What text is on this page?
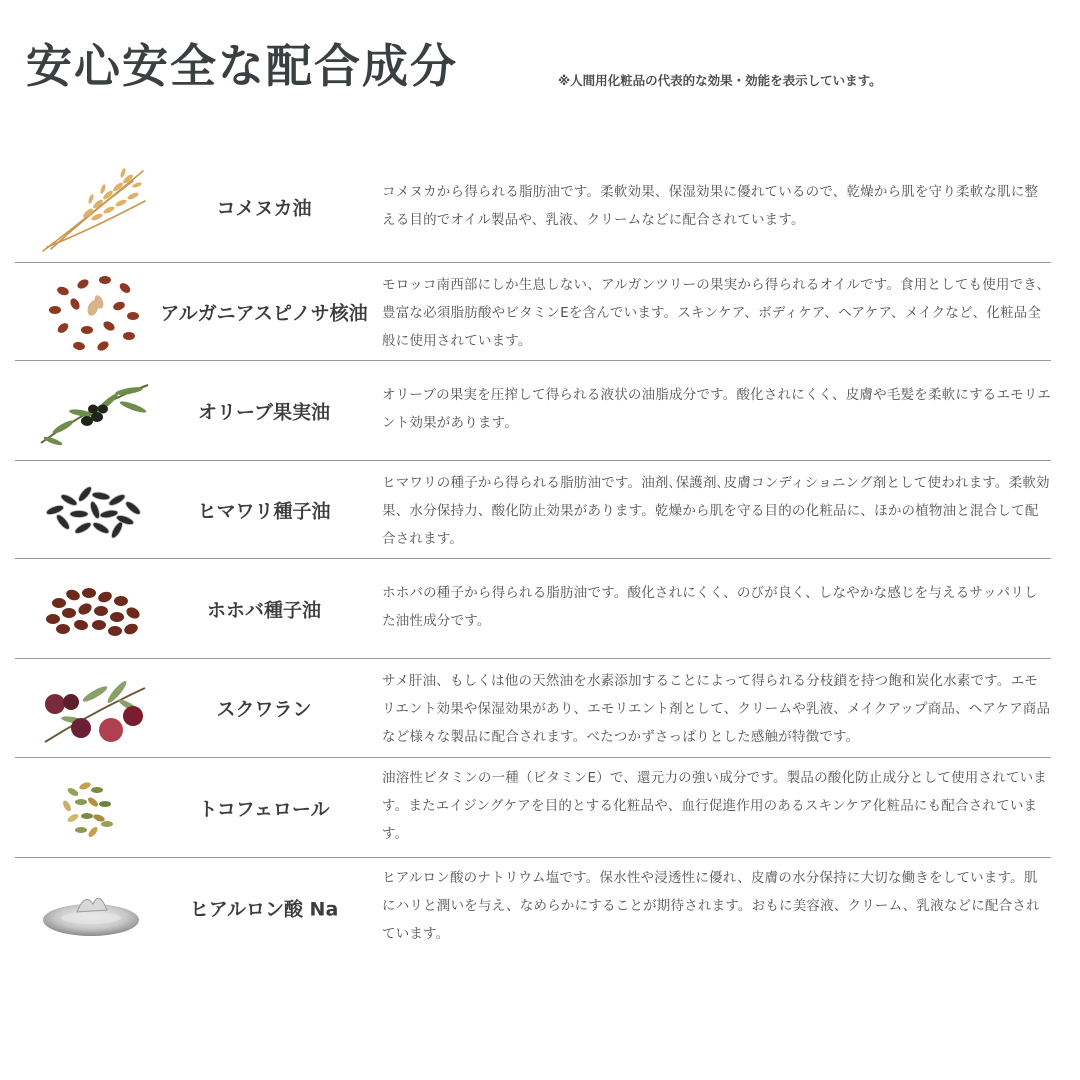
安心安全な配合成分	※人間用化粧品の代表的な効果・効能を表示しています。
コメヌカ油
コメヌカから得られる脂肪油です。柔軟効果、保湿効果に優れているので、乾燥から肌を守り柔軟な肌に整える目的でオイル製品や、乳液、クリームなどに配合されています。
アルガニアスピノサ核油
モロッコ南西部にしか生息しない、アルガンツリーの果実から得られるオイルです。食用としても使用でき、豊富な必須脂肪酸やビタミンEを含んでいます。スキンケア、ボディケア、ヘアケア、メイクなど、化粧品全般に使用されています。
オリーブ果実油
オリーブの果実を圧搾して得られる液状の油脂成分です。酸化されにくく、皮膚や毛髪を柔軟にするエモリエント効果があります。
ヒマワリ種子油
ヒマワリの種子から得られる脂肪油です。油剤､保護剤､皮膚コンディショニング剤として使われます。柔軟効果、水分保持力、酸化防止効果があります。乾燥から肌を守る目的の化粧品に、ほかの植物油と混合して配合されます。
ホホバ種子油
ホホバの種子から得られる脂肪油です。酸化されにくく、のびが良く、しなやかな感じを与えるサッパリした油性成分です。
スクワラン
サメ肝油、もしくは他の天然油を水素添加することによって得られる分枝鎖を持つ飽和炭化水素です。エモリエント効果や保湿効果があり、エモリエント剤として、クリームや乳液、メイクアップ商品、ヘアケア商品など様々な製品に配合されます。べたつかずさっぱりとした感触が特徴です。
トコフェロール
油溶性ビタミンの一種（ビタミンE）で、還元力の強い成分です。製品の酸化防止成分として使用されています。またエイジングケアを目的とする化粧品や、血行促進作用のあるスキンケア化粧品にも配合されています。
ヒアルロン酸 Na
ヒアルロン酸のナトリウム塩です。保水性や浸透性に優れ、皮膚の水分保持に大切な働きをしています。肌にハリと潤いを与え、なめらかにすることが期待されます。おもに美容液、クリーム、乳液などに配合されています。
